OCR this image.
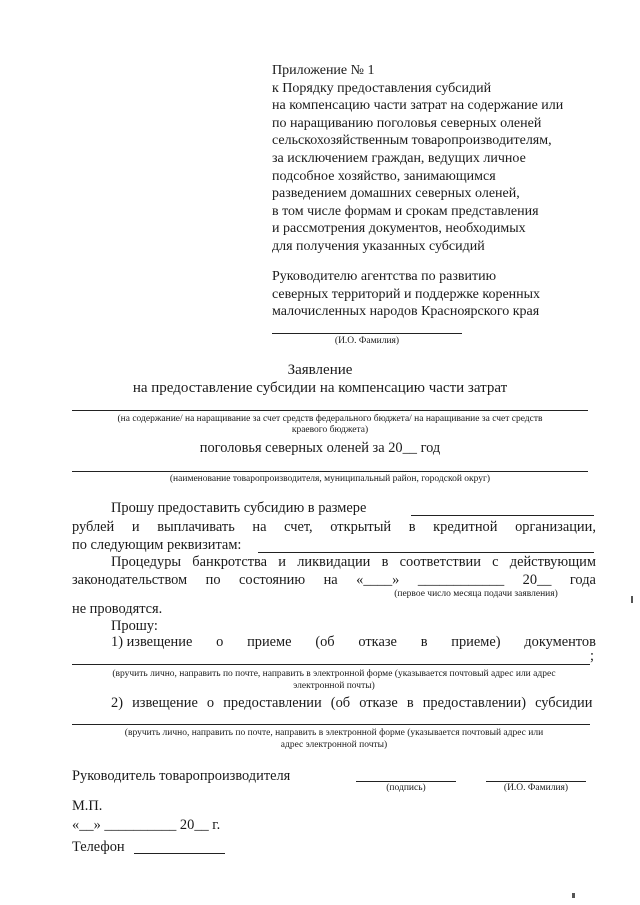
Приложение № 1
к Порядку предоставления субсидий
на компенсацию части затрат на содержание или
по наращиванию поголовья северных оленей
сельскохозяйственным товаропроизводителям,
за исключением граждан, ведущих личное
подсобное хозяйство, занимающимся
разведением домашних северных оленей,
в том числе формам и срокам представления
и рассмотрения документов, необходимых
для получения указанных субсидий
Руководителю агентства по развитию
северных территорий и поддержке коренных
малочисленных народов Красноярского края
(И.О. Фамилия)
Заявление
на предоставление субсидии на компенсацию части затрат
(на содержание/ на наращивание за счет средств федерального бюджета/ на наращивание за счет средств
краевого бюджета)
поголовья северных оленей за 20__ год
(наименование товаропроизводителя, муниципальный район, городской округ)
Прошу предоставить субсидию в размере
рублей и выплачивать на счет, открытый в кредитной организации,
по следующим реквизитам:
Процедуры банкротства и ликвидации в соответствии с действующим
законодательством по состоянию на «____» ____________ 20__ года
(первое число месяца подачи заявления)
не проводятся.
Прошу:
1) извещение о приеме (об отказе в приеме) документов
;
(вручить лично, направить по почте, направить в электронной форме (указывается почтовый адрес или адрес
электронной почты)
2) извещение о предоставлении (об отказе в предоставлении) субсидии
(вручить лично, направить по почте, направить в электронной форме (указывается почтовый адрес или
адрес электронной почты)
Руководитель товаропроизводителя
(подпись)	(И.О. Фамилия)
М.П.
«__» __________ 20__ г.
Телефон
